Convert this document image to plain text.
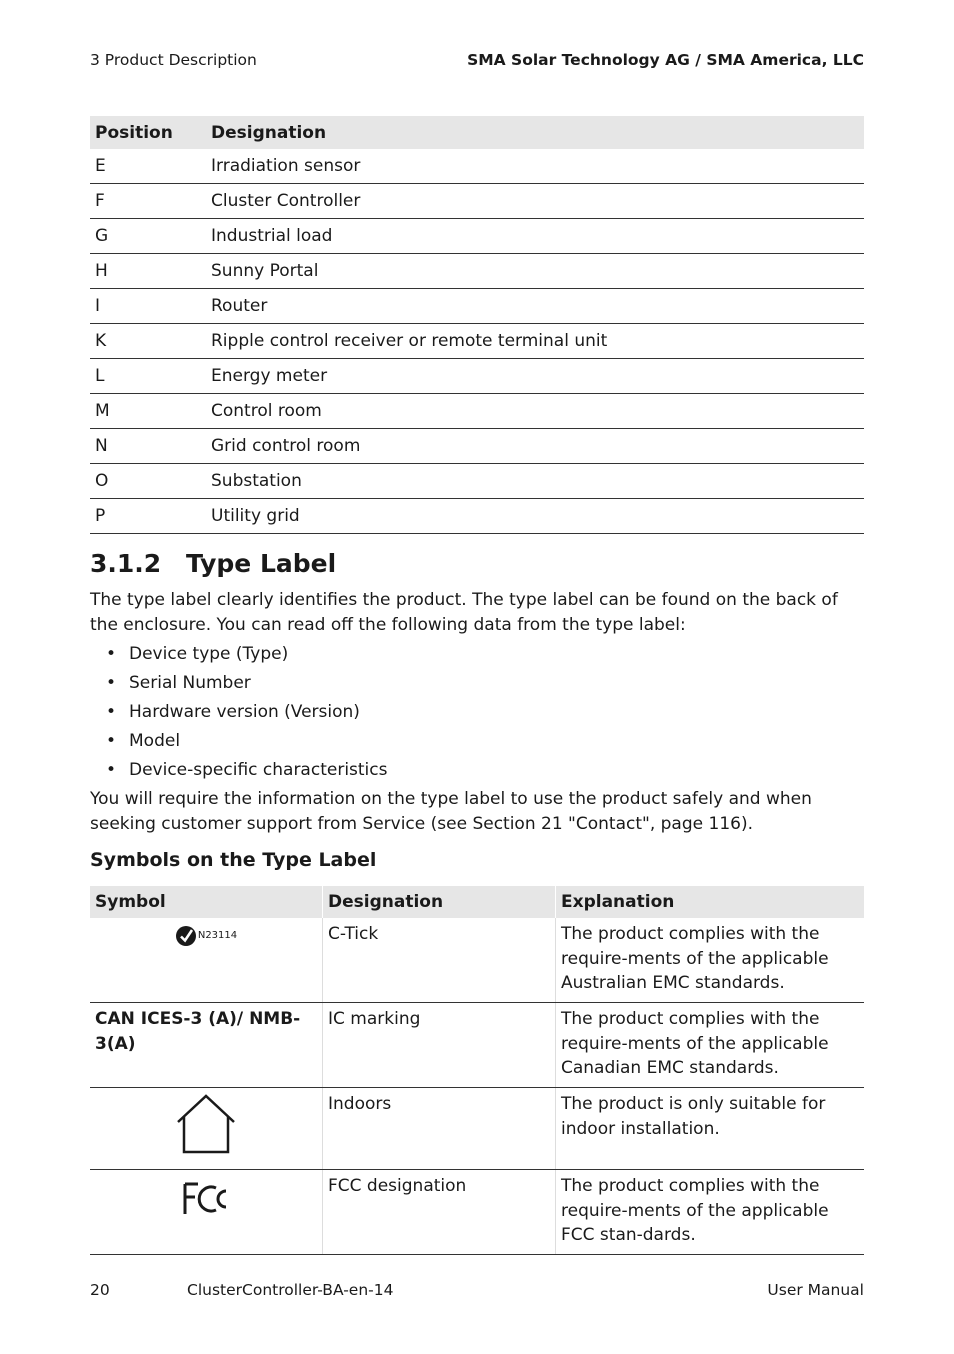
3 Product Description	SMA Solar Technology AG / SMA America, LLC
Position	Designation
E	Irradiation sensor
F	Cluster Controller
G	Industrial load
H	Sunny Portal
I	Router
K	Ripple control receiver or remote terminal unit
L	Energy meter
M	Control room
N	Grid control room
O	Substation
P	Utility grid
3.1.2 Type Label

The type label clearly identifies the product. The type label can be found on the back of the enclosure. You can read off the following data from the type label:

• Device type (Type)
• Serial Number
• Hardware version (Version)
• Model
• Device-specific characteristics

You will require the information on the type label to use the product safely and when seeking customer support from Service (see Section 21 "Contact", page 116).

Symbols on the Type Label
Symbol	Designation	Explanation

N23114	C-Tick	The product complies with the require-ments of the applicable Australian EMC standards.
CAN ICES-3 (A)/ NMB-3(A)	IC marking	The product complies with the require-ments of the applicable Canadian EMC standards.
	Indoors	The product is only suitable for indoor installation.
	FCC designation	The product complies with the require-ments of the applicable FCC stan-dards.
20	ClusterController-BA-en-14	User Manual
